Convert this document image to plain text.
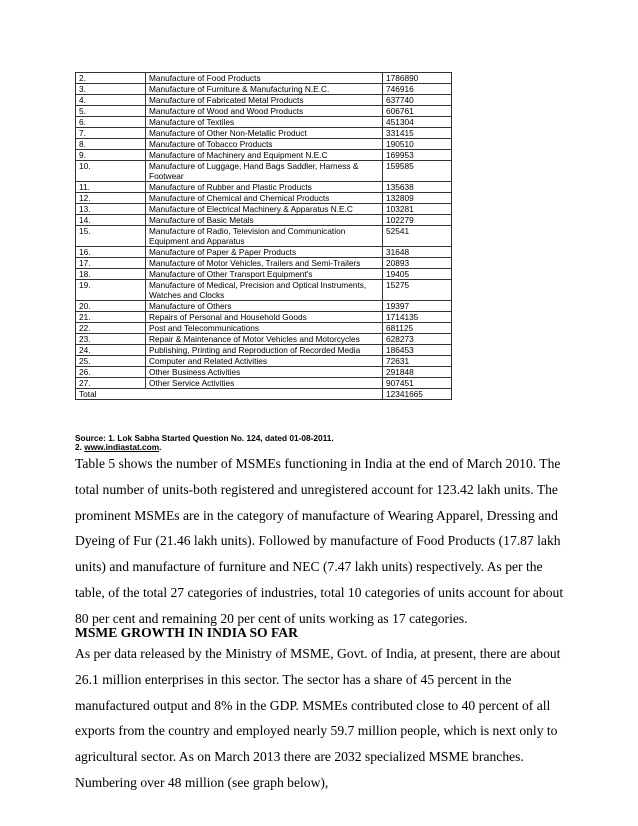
2.	Manufacture of Food Products	1786890
3.	Manufacture of Furniture & Manufacturing N.E.C.	746916
4.	Manufacture of Fabricated Metal Products	637740
5.	Manufacture of Wood and Wood Products	606761
6.	Manufacture of Textiles	451304
7.	Manufacture of Other Non-Metallic Product	331415
8.	Manufacture of Tobacco Products	190510
9.	Manufacture of Machinery and Equipment N.E.C	169953
10.	Manufacture of Luggage, Hand Bags Saddler, Harness & Footwear	159585
11.	Manufacture of Rubber and Plastic Products	135638
12.	Manufacture of Chemical and Chemical Products	132809
13.	Manufacture of Electrical Machinery & Apparatus N.E.C	103281
14.	Manufacture of Basic Metals	102279
15.	Manufacture of Radio, Television and Communication Equipment and Apparatus	52541
16.	Manufacture of Paper & Paper Products	31648
17.	Manufacture of Motor Vehicles, Trailers and Semi-Trailers	20893
18.	Manufacture of Other Transport Equipment's	19405
19.	Manufacture of Medical, Precision and Optical Instruments, Watches and Clocks	15275
20.	Manufacture of Others	19397
21.	Repairs of Personal and Household Goods	1714135
22.	Post and Telecommunications	681125
23.	Repair & Maintenance of Motor Vehicles and Motorcycles	628273
24.	Publishing, Printing and Reproduction of Recorded Media	186453
25.	Computer and Related Activities	72631
26.	Other Business Activities	291848
27.	Other Service Activities	907451
Total		12341665
Source: 1. Lok Sabha Started Question No. 124, dated 01-08-2011.
2. www.indiastat.com.

Table 5 shows the number of MSMEs functioning in India at the end of March 2010. The total number of units-both registered and unregistered account for 123.42 lakh units. The prominent MSMEs are in the category of manufacture of Wearing Apparel, Dressing and Dyeing of Fur (21.46 lakh units). Followed by manufacture of Food Products (17.87 lakh units) and manufacture of furniture and NEC (7.47 lakh units) respectively. As per the table, of the total 27 categories of industries, total 10 categories of units account for about 80 per cent and remaining 20 per cent of units working as 17 categories.

MSME GROWTH IN INDIA SO FAR

As per data released by the Ministry of MSME, Govt. of India, at present, there are about 26.1 million enterprises in this sector. The sector has a share of 45 percent in the manufactured output and 8% in the GDP. MSMEs contributed close to 40 percent of all exports from the country and employed nearly 59.7 million people, which is next only to agricultural sector. As on March 2013 there are 2032 specialized MSME branches. Numbering over 48 million (see graph below),
